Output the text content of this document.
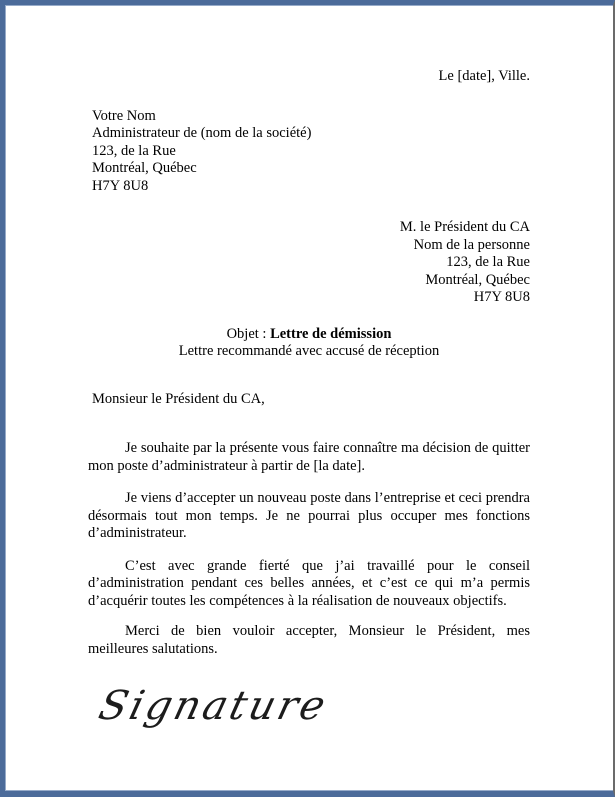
Le [date], Ville.
Votre Nom
Administrateur de (nom de la société)
123, de la Rue
Montréal, Québec
H7Y 8U8
M. le Président du CA
Nom de la personne
123, de la Rue
Montréal, Québec
H7Y 8U8
Objet : Lettre de démission
Lettre recommandé avec accusé de réception
Monsieur le Président du CA,

Je souhaite par la présente vous faire connaître ma décision de quitter mon poste d’administrateur à partir de [la date].

Je viens d’accepter un nouveau poste dans l’entreprise et ceci prendra désormais tout mon temps. Je ne pourrai plus occuper mes fonctions d’administrateur.

C’est avec grande fierté que j’ai travaillé pour le conseil d’administration pendant ces belles années, et c’est ce qui m’a permis d’acquérir toutes les compétences à la réalisation de nouveaux objectifs.

Merci de bien vouloir accepter, Monsieur le Président, mes meilleures salutations.

Signature
